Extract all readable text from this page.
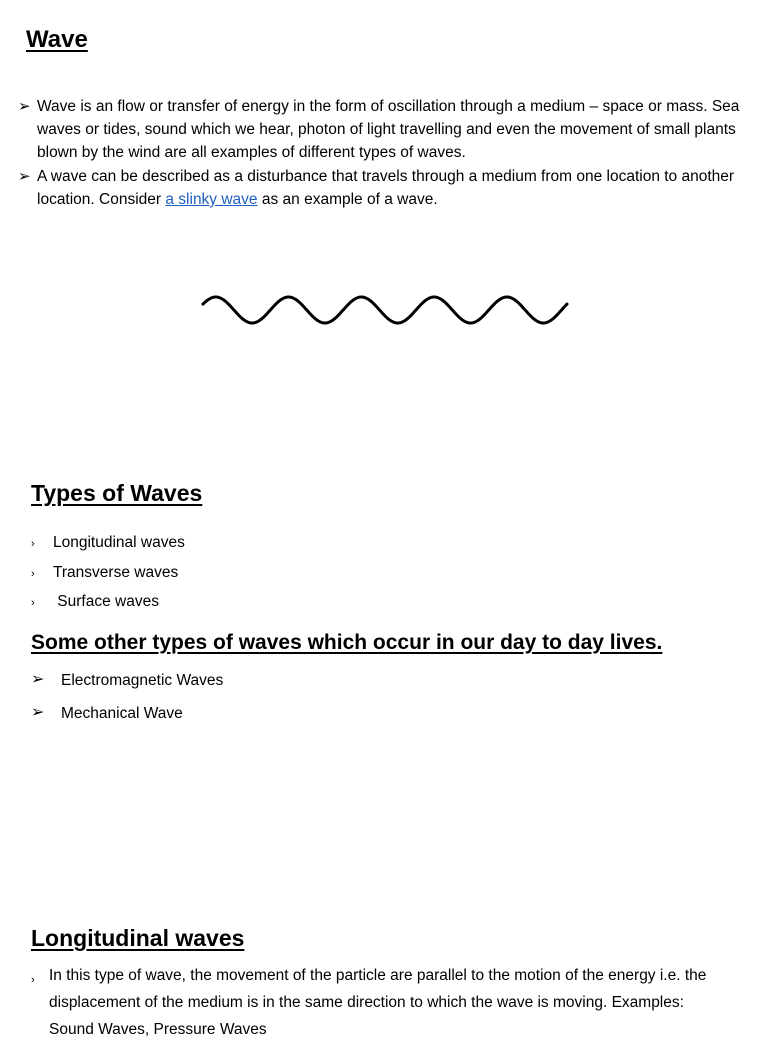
Wave
➢ Wave is an flow or transfer of energy in the form of oscillation through a medium – space or mass. Sea waves or tides, sound which we hear, photon of light travelling and even the movement of small plants blown by the wind are all examples of different types of waves.
➢ A wave can be described as a disturbance that travels through a medium from one location to another location. Consider a slinky wave as an example of a wave.
Types of Waves
› Longitudinal waves
› Transverse waves
› Surface waves
Some other types of waves which occur in our day to day lives.
➢ Electromagnetic Waves
➢ Mechanical Wave
Longitudinal waves
› In this type of wave, the movement of the particle are parallel to the motion of the energy i.e. the displacement of the medium is in the same direction to which the wave is moving. Examples: Sound Waves, Pressure Waves
